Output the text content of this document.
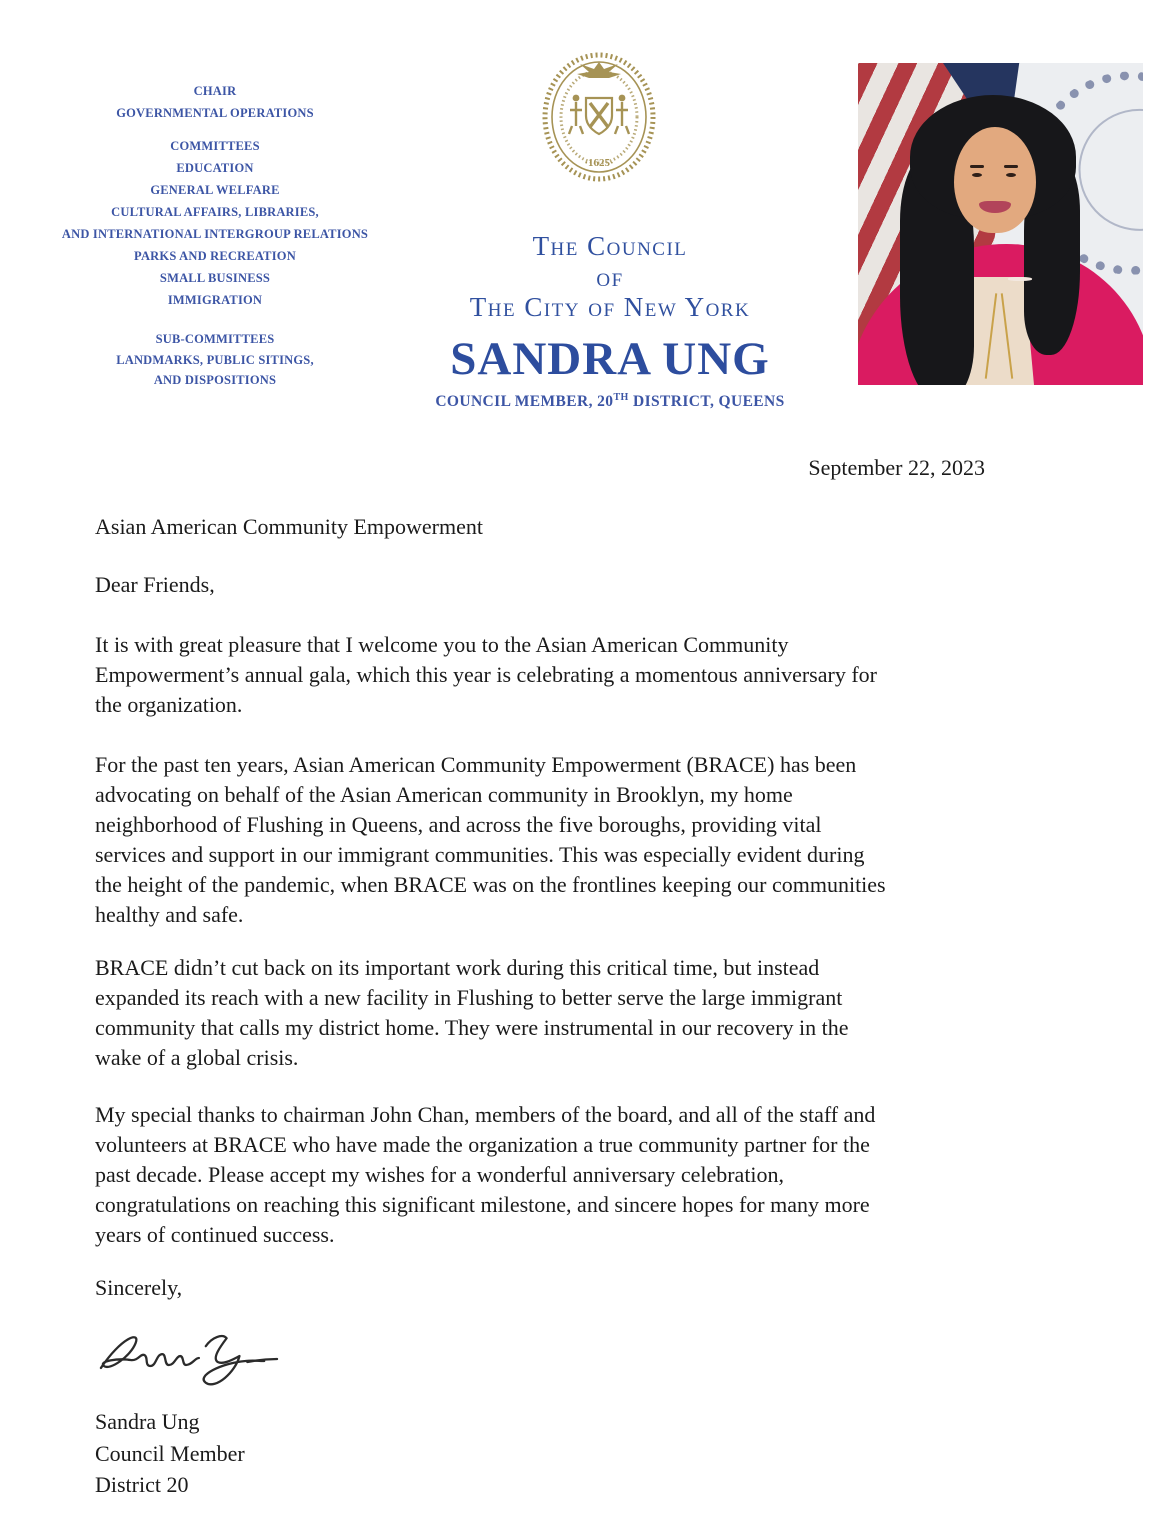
CHAIR
GOVERNMENTAL OPERATIONS
COMMITTEES
EDUCATION
GENERAL WELFARE
CULTURAL AFFAIRS, LIBRARIES,
AND INTERNATIONAL INTERGROUP RELATIONS
PARKS AND RECREATION
SMALL BUSINESS
IMMIGRATION
SUB-COMMITTEES
LANDMARKS, PUBLIC SITINGS,
AND DISPOSITIONS
·1625·
The Council
of
The City of New York
SANDRA UNG
COUNCIL MEMBER, 20TH DISTRICT, QUEENS
September 22, 2023
Asian American Community Empowerment
Dear Friends,
It is with great pleasure that I welcome you to the Asian American Community
Empowerment’s annual gala, which this year is celebrating a momentous anniversary for
the organization.
For the past ten years, Asian American Community Empowerment (BRACE) has been
advocating on behalf of the Asian American community in Brooklyn, my home
neighborhood of Flushing in Queens, and across the five boroughs, providing vital
services and support in our immigrant communities. This was especially evident during
the height of the pandemic, when BRACE was on the frontlines keeping our communities
healthy and safe.
BRACE didn’t cut back on its important work during this critical time, but instead
expanded its reach with a new facility in Flushing to better serve the large immigrant
community that calls my district home. They were instrumental in our recovery in the
wake of a global crisis.
My special thanks to chairman John Chan, members of the board, and all of the staff and
volunteers at BRACE who have made the organization a true community partner for the
past decade. Please accept my wishes for a wonderful anniversary celebration,
congratulations on reaching this significant milestone, and sincere hopes for many more
years of continued success.
Sincerely,
Sandra Ung
Council Member
District 20
